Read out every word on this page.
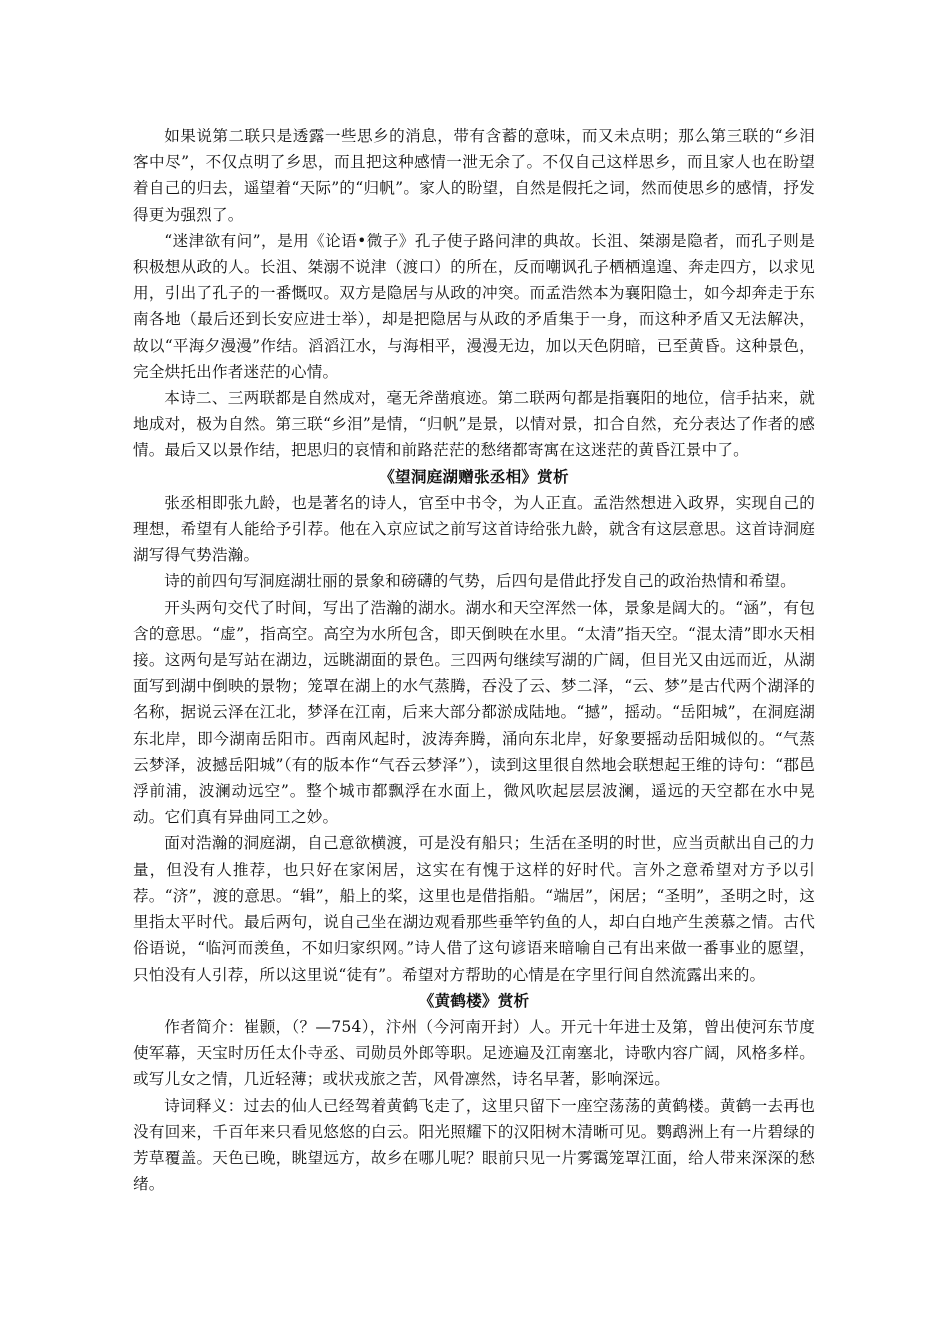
如果说第二联只是透露一些思乡的消息，带有含蓄的意味，而又未点明；那么第三联的“乡泪客中尽”，不仅点明了乡思，而且把这种感情一泄无余了。不仅自己这样思乡，而且家人也在盼望着自己的归去，遥望着“天际”的“归帆”。家人的盼望，自然是假托之词，然而使思乡的感情，抒发得更为强烈了。

“迷津欲有问”，是用《论语•微子》孔子使子路问津的典故。长沮、桀溺是隐者，而孔子则是积极想从政的人。长沮、桀溺不说津（渡口）的所在，反而嘲讽孔子栖栖遑遑、奔走四方，以求见用，引出了孔子的一番慨叹。双方是隐居与从政的冲突。而孟浩然本为襄阳隐士，如今却奔走于东南各地（最后还到长安应进士举），却是把隐居与从政的矛盾集于一身，而这种矛盾又无法解决，故以“平海夕漫漫”作结。滔滔江水，与海相平，漫漫无边，加以天色阴暗，已至黄昏。这种景色，完全烘托出作者迷茫的心情。

本诗二、三两联都是自然成对，毫无斧凿痕迹。第二联两句都是指襄阳的地位，信手拈来，就地成对，极为自然。第三联“乡泪”是情，“归帆”是景，以情对景，扣合自然，充分表达了作者的感情。最后又以景作结，把思归的哀情和前路茫茫的愁绪都寄寓在这迷茫的黄昏江景中了。

《望洞庭湖赠张丞相》赏析

张丞相即张九龄，也是著名的诗人，官至中书令，为人正直。孟浩然想进入政界，实现自己的理想，希望有人能给予引荐。他在入京应试之前写这首诗给张九龄，就含有这层意思。这首诗洞庭湖写得气势浩瀚。

诗的前四句写洞庭湖壮丽的景象和磅礴的气势，后四句是借此抒发自己的政治热情和希望。

开头两句交代了时间，写出了浩瀚的湖水。湖水和天空浑然一体，景象是阔大的。“涵”，有包含的意思。“虚”，指高空。高空为水所包含，即天倒映在水里。“太清”指天空。“混太清”即水天相接。这两句是写站在湖边，远眺湖面的景色。三四两句继续写湖的广阔，但目光又由远而近，从湖面写到湖中倒映的景物；笼罩在湖上的水气蒸腾，吞没了云、梦二泽，“云、梦”是古代两个湖泽的名称，据说云泽在江北，梦泽在江南，后来大部分都淤成陆地。“撼”，摇动。“岳阳城”，在洞庭湖东北岸，即今湖南岳阳市。西南风起时，波涛奔腾，涌向东北岸，好象要摇动岳阳城似的。“气蒸云梦泽，波撼岳阳城”（有的版本作“气吞云梦泽”），读到这里很自然地会联想起王维的诗句：“郡邑浮前浦，波澜动远空”。整个城市都飘浮在水面上，微风吹起层层波澜，遥远的天空都在水中晃动。它们真有异曲同工之妙。

面对浩瀚的洞庭湖，自己意欲横渡，可是没有船只；生活在圣明的时世，应当贡献出自己的力量，但没有人推荐，也只好在家闲居，这实在有愧于这样的好时代。言外之意希望对方予以引荐。“济”，渡的意思。“辑”，船上的桨，这里也是借指船。“端居”，闲居；“圣明”，圣明之时，这里指太平时代。最后两句，说自己坐在湖边观看那些垂竿钓鱼的人，却白白地产生羡慕之情。古代俗语说，“临河而羡鱼，不如归家织网。”诗人借了这句谚语来暗喻自己有出来做一番事业的愿望，只怕没有人引荐，所以这里说“徒有”。希望对方帮助的心情是在字里行间自然流露出来的。

《黄鹤楼》赏析

作者简介：崔颢，（？—754），汴州（今河南开封）人。开元十年进士及第，曾出使河东节度使军幕，天宝时历任太仆寺丞、司勋员外郎等职。足迹遍及江南塞北，诗歌内容广阔，风格多样。或写儿女之情，几近轻薄；或状戎旅之苦，风骨凛然，诗名早著，影响深远。

诗词释义：过去的仙人已经驾着黄鹤飞走了，这里只留下一座空荡荡的黄鹤楼。黄鹤一去再也没有回来，千百年来只看见悠悠的白云。阳光照耀下的汉阳树木清晰可见。鹦鹉洲上有一片碧绿的芳草覆盖。天色已晚，眺望远方，故乡在哪儿呢？眼前只见一片雾霭笼罩江面，给人带来深深的愁绪。
